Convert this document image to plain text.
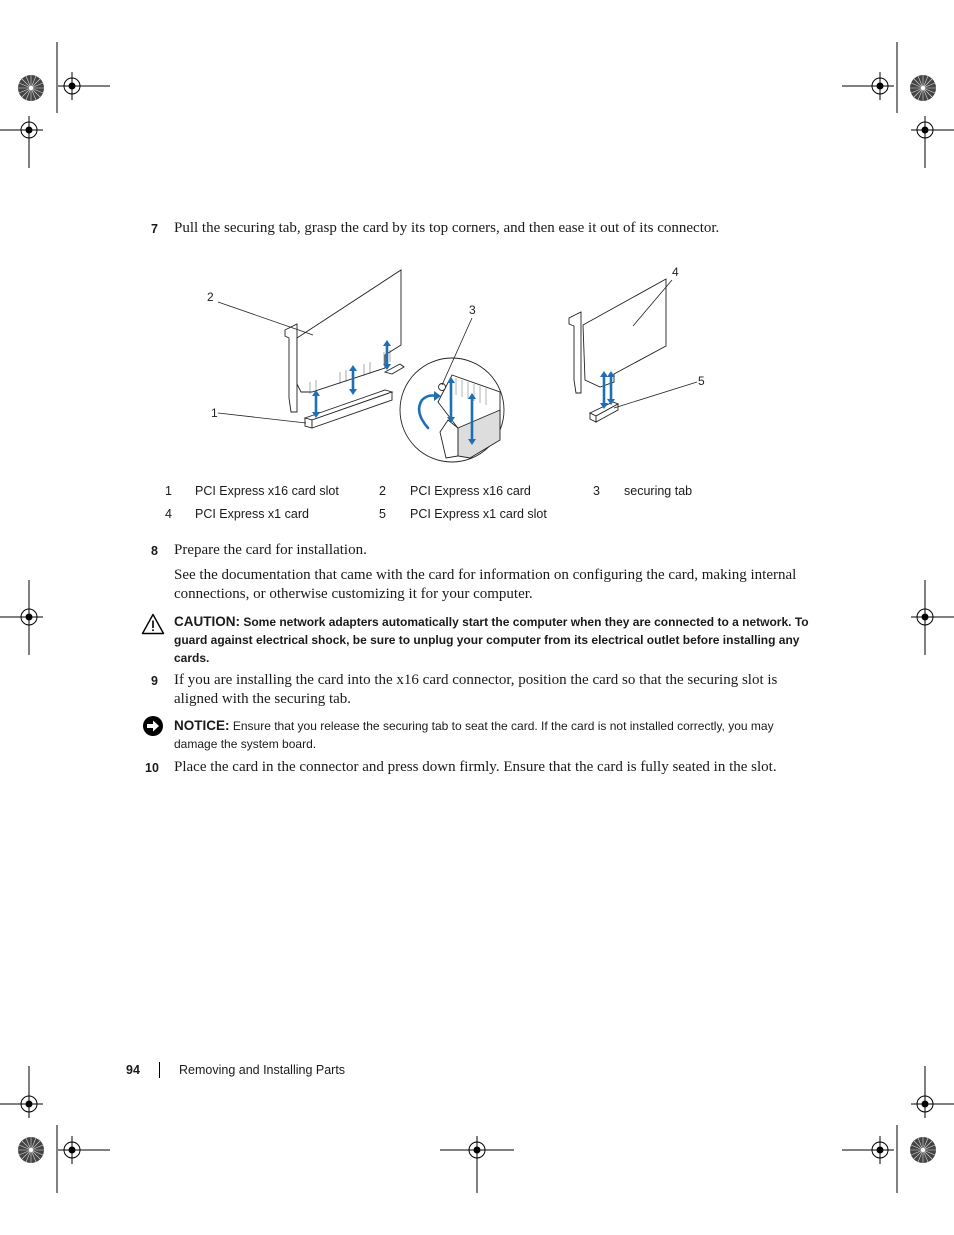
7 Pull the securing tab, grasp the card by its top corners, and then ease it out of its connector.
1
2
3
4
5
1 PCI Express x16 card slot	2 PCI Express x16 card	3 securing tab
4 PCI Express x1 card	5 PCI Express x1 card slot
8 Prepare the card for installation.
See the documentation that came with the card for information on configuring the card, making internal connections, or otherwise customizing it for your computer.
CAUTION: Some network adapters automatically start the computer when they are connected to a network. To guard against electrical shock, be sure to unplug your computer from its electrical outlet before installing any cards.
9 If you are installing the card into the x16 card connector, position the card so that the securing slot is aligned with the securing tab.
NOTICE: Ensure that you release the securing tab to seat the card. If the card is not installed correctly, you may damage the system board.
10 Place the card in the connector and press down firmly. Ensure that the card is fully seated in the slot.
94	Removing and Installing Parts
